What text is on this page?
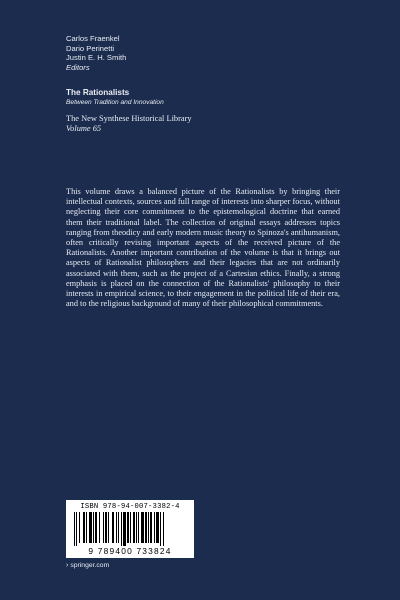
Carlos Fraenkel
Dario Perinetti
Justin E. H. Smith
Editors
The Rationalists
Between Tradition and Innovation
The New Synthese Historical Library
Volume 65
This volume draws a balanced picture of the Rationalists by bringing their intellectual contexts, sources and full range of interests into sharper focus, without neglecting their core commitment to the epistemological doctrine that earned them their traditional label. The collection of original essays addresses topics ranging from theodicy and early modern music theory to Spinoza's antihumanism, often critically revising important aspects of the received picture of the Rationalists. Another important contribution of the volume is that it brings out aspects of Rationalist philosophers and their legacies that are not ordinarily associated with them, such as the project of a Cartesian ethics. Finally, a strong emphasis is placed on the connection of the Rationalists' philosophy to their interests in empirical science, to their engagement in the political life of their era, and to the religious background of many of their philosophical commitments.
ISBN 978-94-007-3382-4
9 789400 733824
› springer.com
